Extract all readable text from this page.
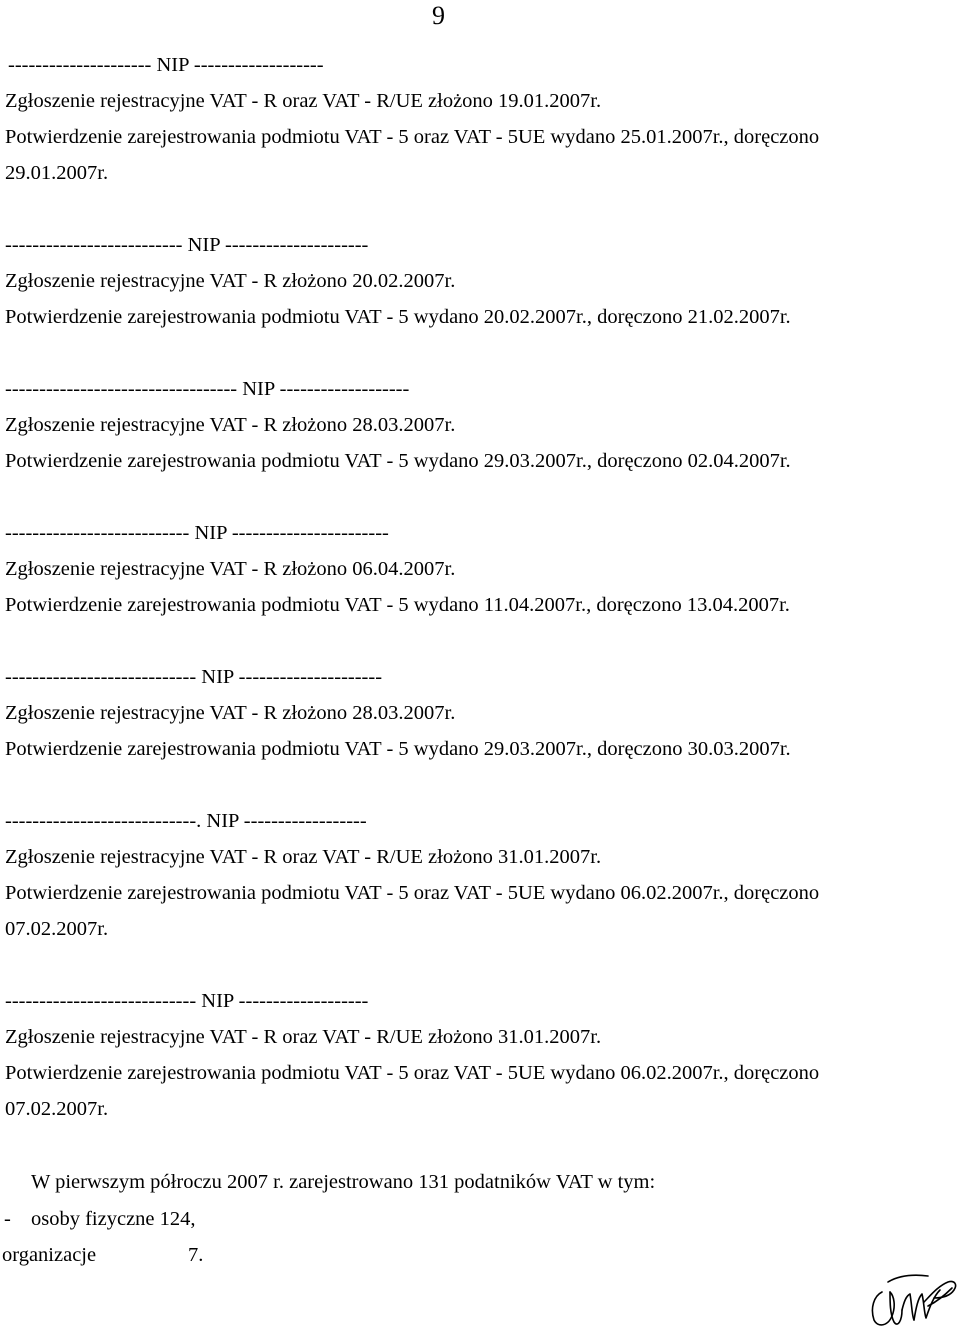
9
--------------------- NIP -------------------
Zgłoszenie rejestracyjne VAT - R oraz VAT - R/UE złożono 19.01.2007r.
Potwierdzenie zarejestrowania podmiotu VAT - 5 oraz VAT - 5UE wydano 25.01.2007r., doręczono
29.01.2007r.
-------------------------- NIP ---------------------
Zgłoszenie rejestracyjne VAT - R złożono 20.02.2007r.
Potwierdzenie zarejestrowania podmiotu VAT - 5 wydano 20.02.2007r., doręczono 21.02.2007r.
---------------------------------- NIP -------------------
Zgłoszenie rejestracyjne VAT - R złożono 28.03.2007r.
Potwierdzenie zarejestrowania podmiotu VAT - 5 wydano 29.03.2007r., doręczono 02.04.2007r.
--------------------------- NIP -----------------------
Zgłoszenie rejestracyjne VAT - R złożono 06.04.2007r.
Potwierdzenie zarejestrowania podmiotu VAT - 5 wydano 11.04.2007r., doręczono 13.04.2007r.
---------------------------- NIP ---------------------
Zgłoszenie rejestracyjne VAT - R złożono 28.03.2007r.
Potwierdzenie zarejestrowania podmiotu VAT - 5 wydano 29.03.2007r., doręczono 30.03.2007r.
----------------------------. NIP ------------------
Zgłoszenie rejestracyjne VAT - R oraz VAT - R/UE złożono 31.01.2007r.
Potwierdzenie zarejestrowania podmiotu VAT - 5 oraz VAT - 5UE wydano 06.02.2007r., doręczono
07.02.2007r.
---------------------------- NIP -------------------
Zgłoszenie rejestracyjne VAT - R oraz VAT - R/UE złożono 31.01.2007r.
Potwierdzenie zarejestrowania podmiotu VAT - 5 oraz VAT - 5UE wydano 06.02.2007r., doręczono
07.02.2007r.
W pierwszym półroczu 2007 r. zarejestrowano 131 podatników VAT w tym:
- osoby fizyczne 124,
organizacje	7.
